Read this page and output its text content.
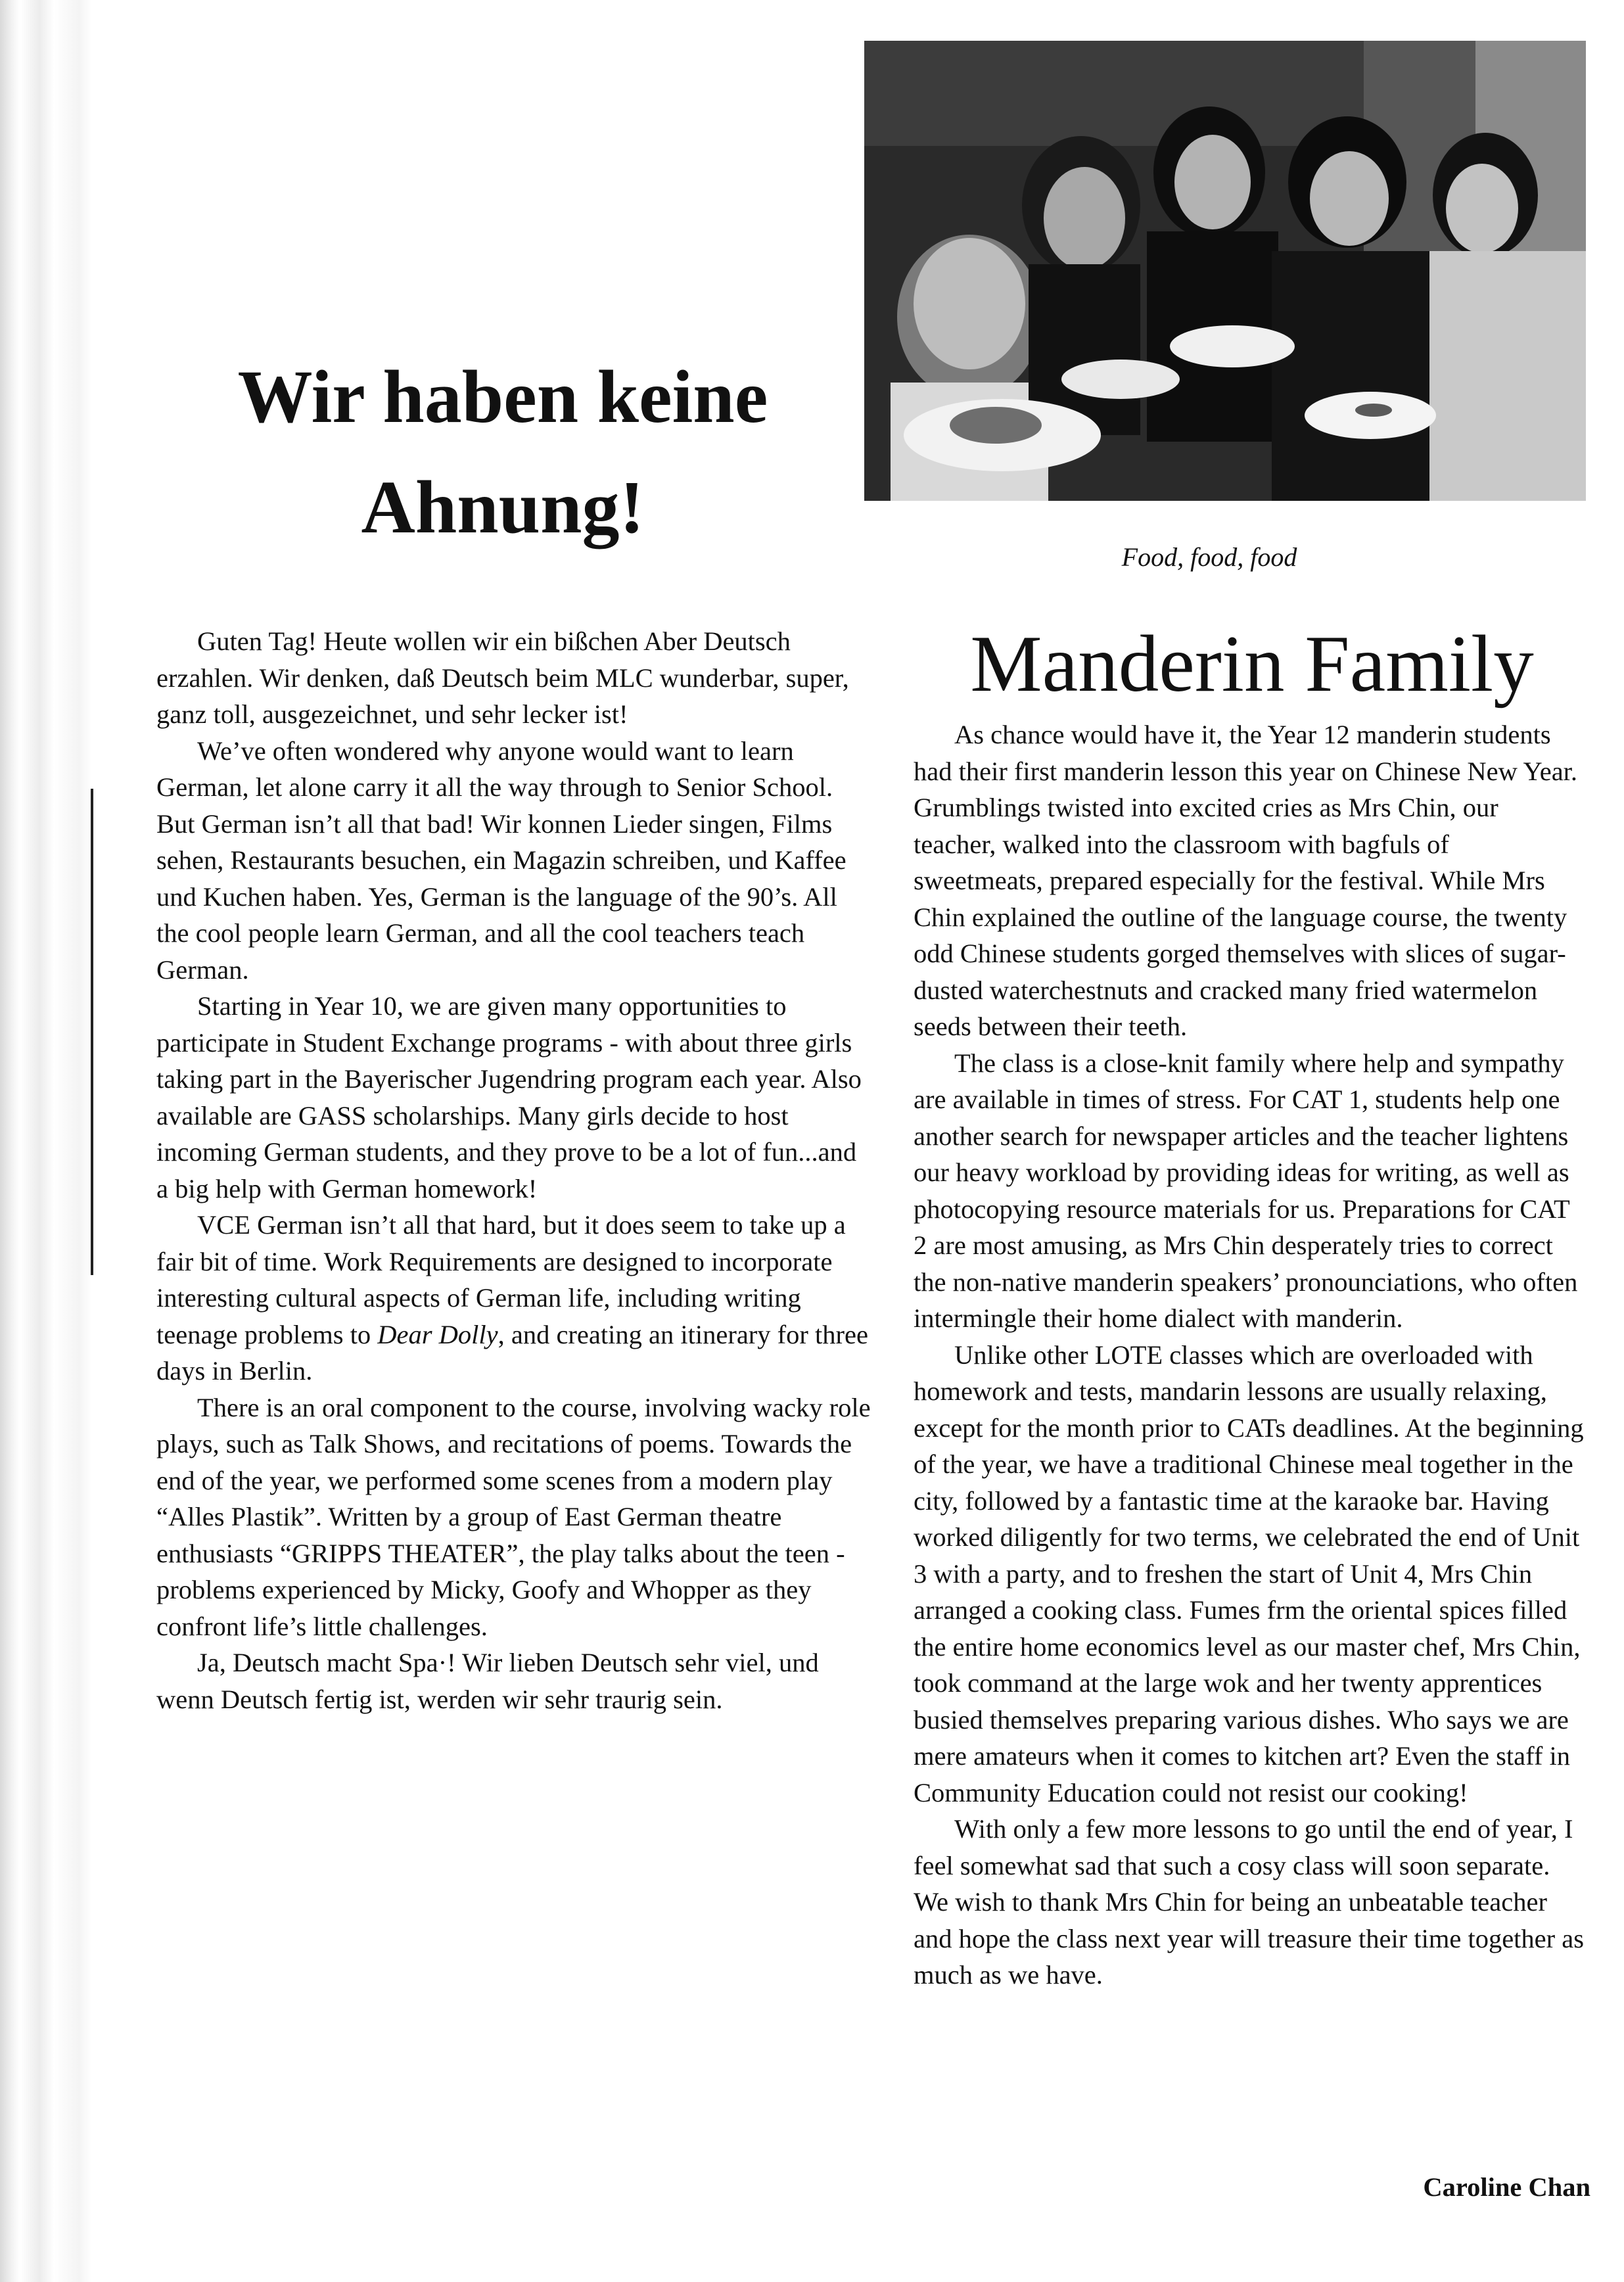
Wir haben keine
Ahnung!
Food, food, food
Manderin Family

Guten Tag! Heute wollen wir ein bißchen Aber Deutsch erzahlen. Wir denken, daß Deutsch beim MLC wunderbar, super, ganz toll, ausgezeichnet, und sehr lecker ist!

We’ve often wondered why anyone would want to learn German, let alone carry it all the way through to Senior School. But German isn’t all that bad! Wir konnen Lieder singen, Films sehen, Restaurants besuchen, ein Magazin schreiben, und Kaffee und Kuchen haben. Yes, German is the language of the 90’s. All the cool people learn German, and all the cool teachers teach German.

Starting in Year 10, we are given many opportunities to participate in Student Exchange programs - with about three girls taking part in the Bayerischer Jugendring program each year. Also available are GASS scholarships. Many girls decide to host incoming German students, and they prove to be a lot of fun...and a big help with German homework!

VCE German isn’t all that hard, but it does seem to take up a fair bit of time. Work Requirements are designed to incorporate interesting cultural aspects of German life, including writing teenage problems to Dear Dolly, and creating an itinerary for three days in Berlin.

There is an oral component to the course, involving wacky role plays, such as Talk Shows, and recitations of poems. Towards the end of the year, we performed some scenes from a modern play “Alles Plastik”. Written by a group of East German theatre enthusiasts “GRIPPS THEATER”, the play talks about the teen - problems experienced by Micky, Goofy and Whopper as they confront life’s little challenges.

Ja, Deutsch macht Spa·! Wir lieben Deutsch sehr viel, und wenn Deutsch fertig ist, werden wir sehr traurig sein.

As chance would have it, the Year 12 manderin students had their first manderin lesson this year on Chinese New Year. Grumblings twisted into excited cries as Mrs Chin, our teacher, walked into the classroom with bagfuls of sweetmeats, prepared especially for the festival. While Mrs Chin explained the outline of the language course, the twenty odd Chinese students gorged themselves with slices of sugar-dusted waterchestnuts and cracked many fried watermelon seeds between their teeth.

The class is a close-knit family where help and sympathy are available in times of stress. For CAT 1, students help one another search for newspaper articles and the teacher lightens our heavy workload by providing ideas for writing, as well as photocopying resource materials for us. Preparations for CAT 2 are most amusing, as Mrs Chin desperately tries to correct the non-native manderin speakers’ pronounciations, who often intermingle their home dialect with manderin.

Unlike other LOTE classes which are overloaded with homework and tests, mandarin lessons are usually relaxing, except for the month prior to CATs deadlines. At the beginning of the year, we have a traditional Chinese meal together in the city, followed by a fantastic time at the karaoke bar. Having worked diligently for two terms, we celebrated the end of Unit 3 with a party, and to freshen the start of Unit 4, Mrs Chin arranged a cooking class. Fumes frm the oriental spices filled the entire home economics level as our master chef, Mrs Chin, took command at the large wok and her twenty apprentices busied themselves preparing various dishes. Who says we are mere amateurs when it comes to kitchen art? Even the staff in Community Education could not resist our cooking!

With only a few more lessons to go until the end of year, I feel somewhat sad that such a cosy class will soon separate. We wish to thank Mrs Chin for being an unbeatable teacher and hope the class next year will treasure their time together as much as we have.

Caroline Chan
